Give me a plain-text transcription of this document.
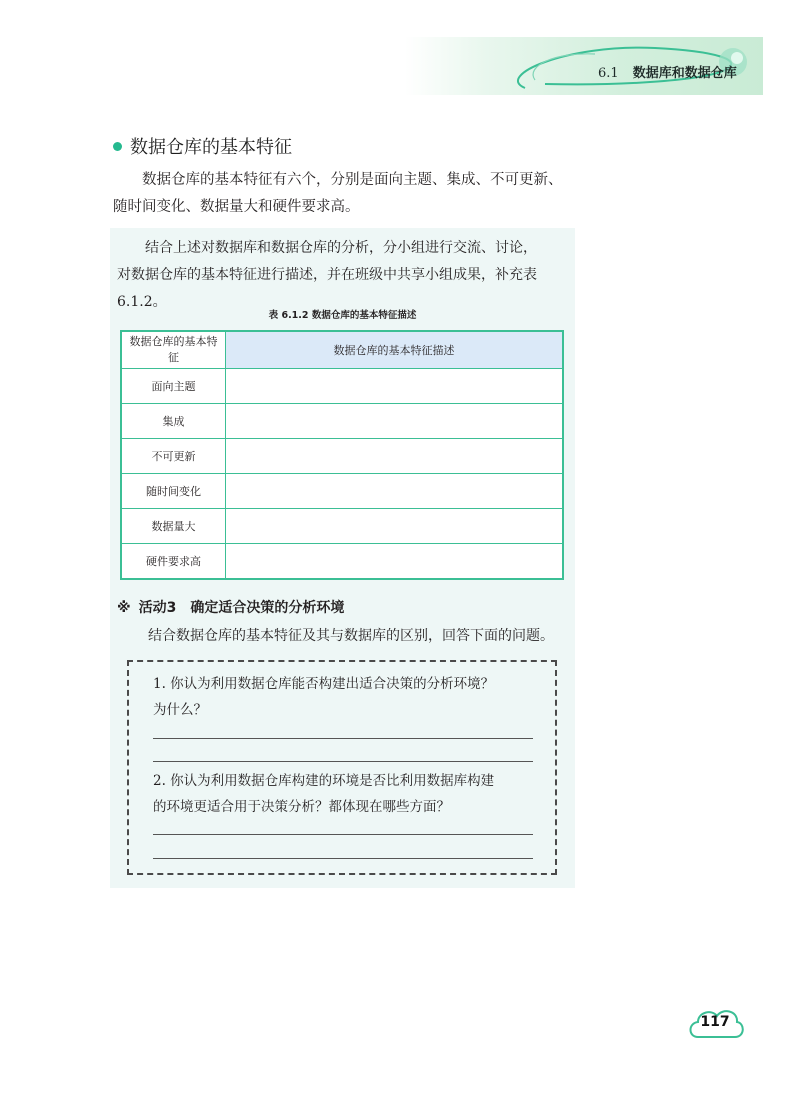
6.1 数据库和数据仓库
数据仓库的基本特征
数据仓库的基本特征有六个，分别是面向主题、集成、不可更新、
随时间变化、数据量大和硬件要求高。
结合上述对数据库和数据仓库的分析，分小组进行交流、讨论，
对数据仓库的基本特征进行描述，并在班级中共享小组成果，补充表
6.1.2。
表 6.1.2 数据仓库的基本特征描述
数据仓库的基本特征	数据仓库的基本特征描述
面向主题	
集成	
不可更新	
随时间变化	
数据量大	
硬件要求高	
※ 活动3 确定适合决策的分析环境
结合数据仓库的基本特征及其与数据库的区别，回答下面的问题。
1. 你认为利用数据仓库能否构建出适合决策的分析环境？
为什么？
2. 你认为利用数据仓库构建的环境是否比利用数据库构建
的环境更适合用于决策分析？都体现在哪些方面？
117
